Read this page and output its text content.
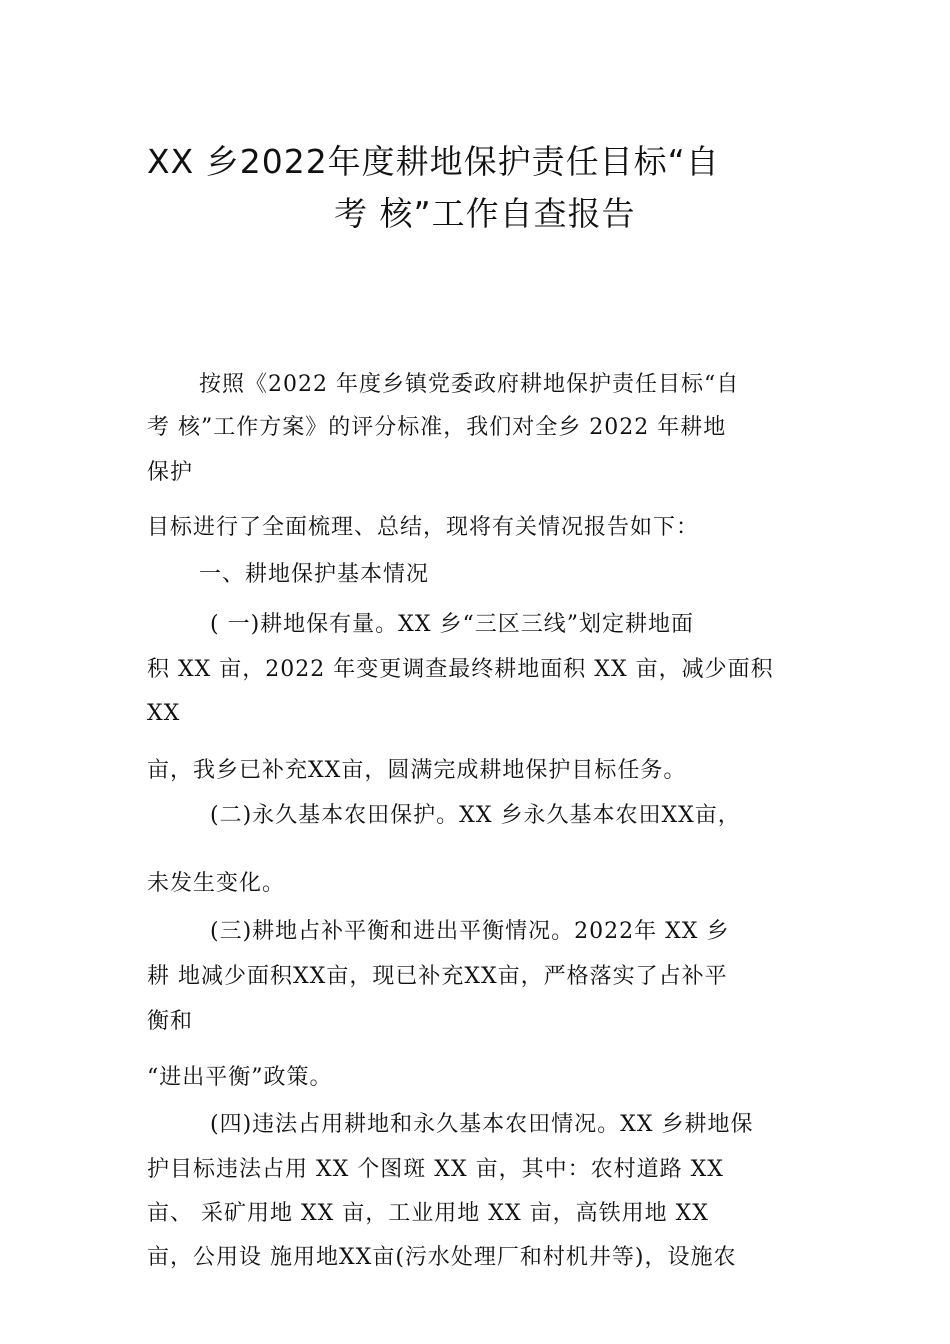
XX 乡2022年度耕地保护责任目标“自
考 核”工作自查报告
按照《2022 年度乡镇党委政府耕地保护责任目标“自
考 核”工作方案》的评分标准，我们对全乡 2022 年耕地
保护
目标进行了全面梳理、总结，现将有关情况报告如下：
一、耕地保护基本情况
( 一)耕地保有量。XX 乡“三区三线”划定耕地面
积 XX 亩，2022 年变更调查最终耕地面积 XX 亩，减少面积
XX
亩，我乡已补充XX亩，圆满完成耕地保护目标任务。
(二)永久基本农田保护。XX 乡永久基本农田XX亩，
未发生变化。
(三)耕地占补平衡和进出平衡情况。2022年 XX 乡
耕 地减少面积XX亩，现已补充XX亩，严格落实了占补平
衡和
“进出平衡”政策。
(四)违法占用耕地和永久基本农田情况。XX 乡耕地保
护目标违法占用 XX 个图斑 XX 亩，其中：农村道路 XX
亩、 采矿用地 XX 亩，工业用地 XX 亩，高铁用地 XX
亩，公用设 施用地XX亩(污水处理厂和村机井等)，设施农
